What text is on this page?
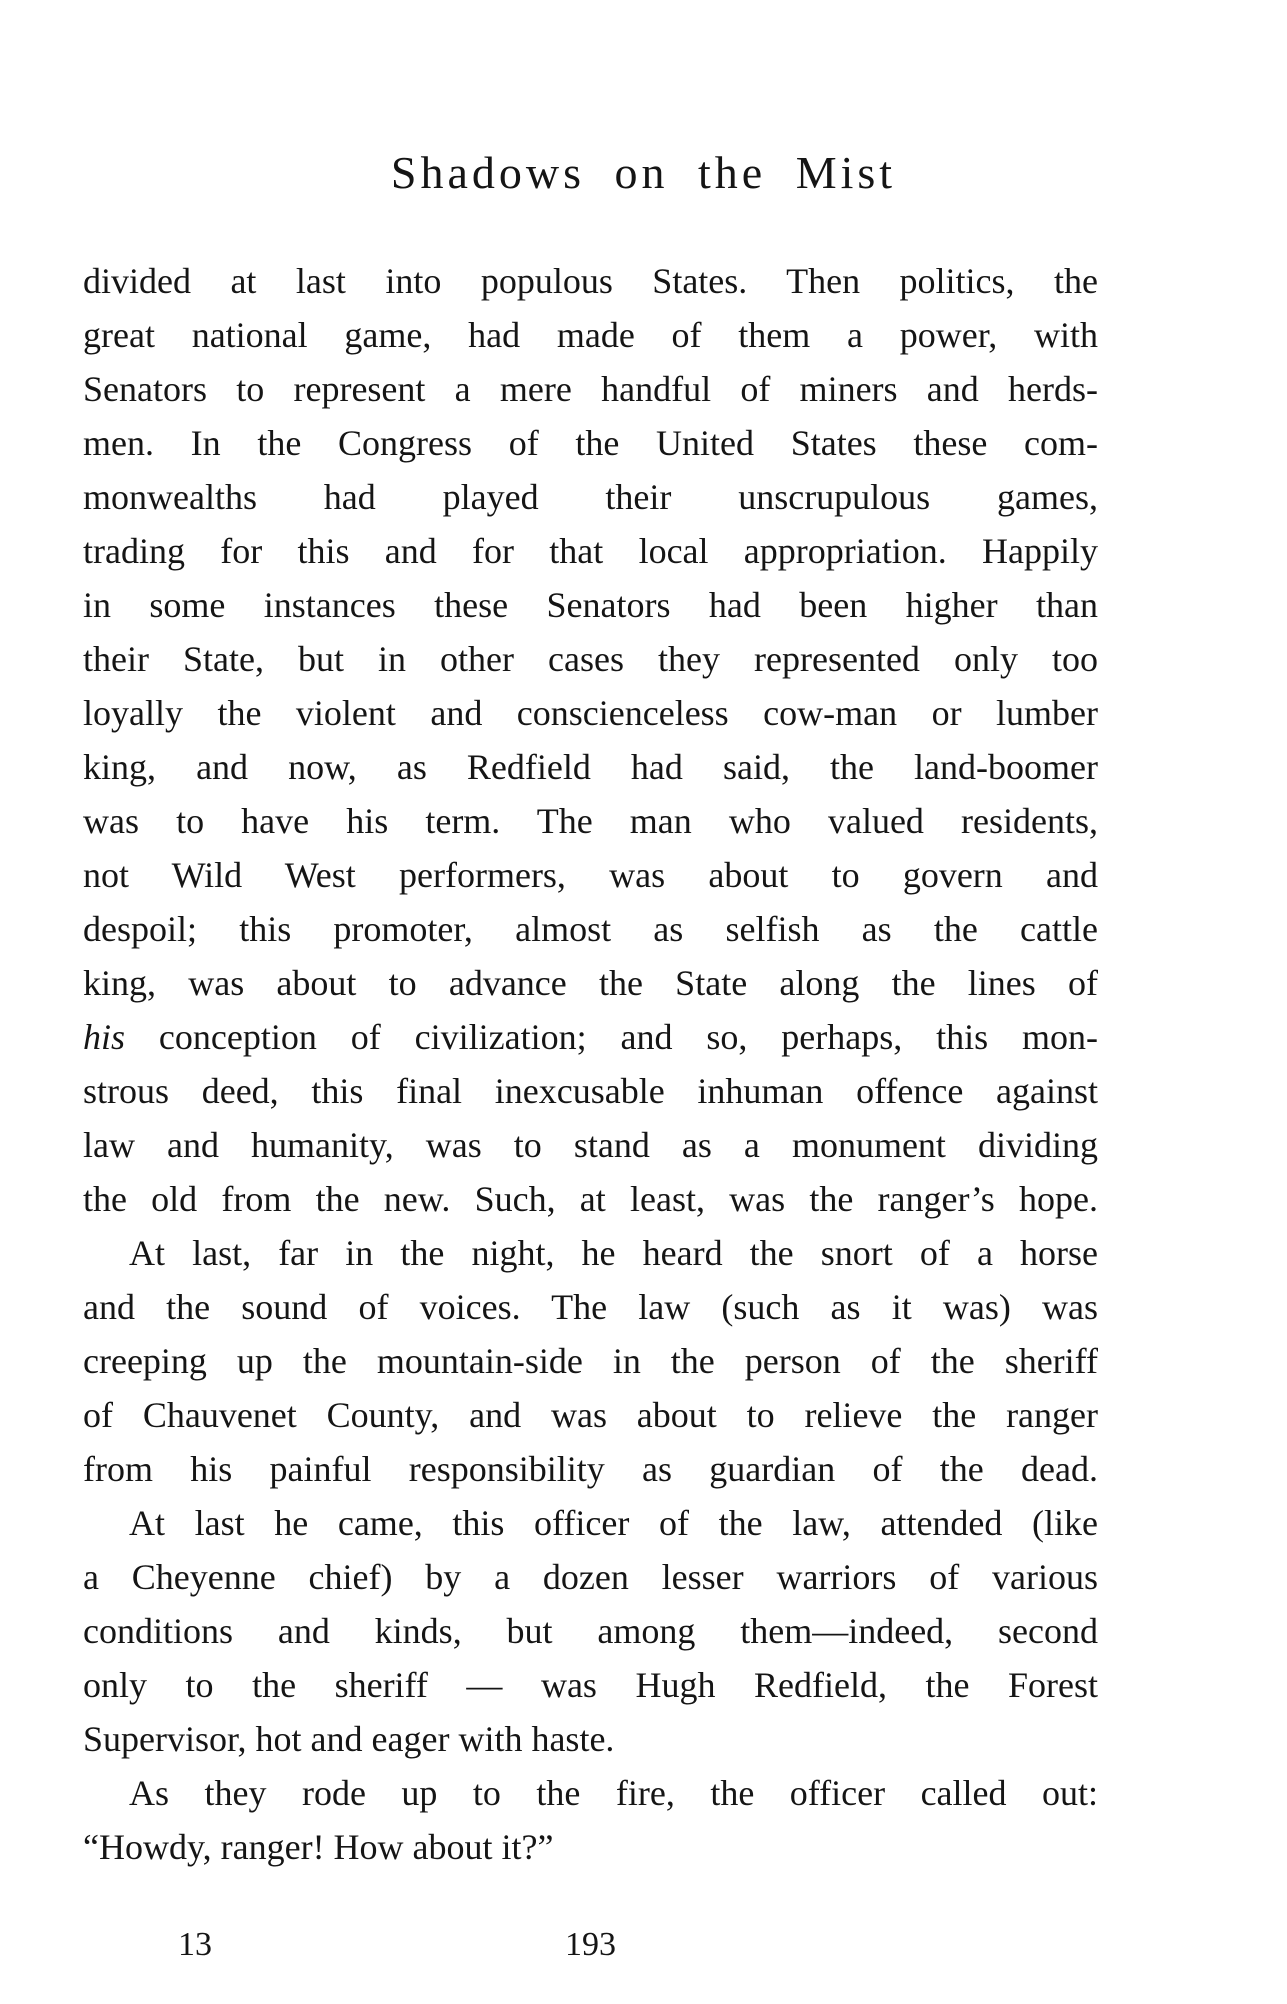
Shadows on the Mist

divided at last into populous States. Then politics, the
great national game, had made of them a power, with
Senators to represent a mere handful of miners and herds-
men. In the Congress of the United States these com-
monwealths had played their unscrupulous games,
trading for this and for that local appropriation. Happily
in some instances these Senators had been higher than
their State, but in other cases they represented only too
loyally the violent and conscienceless cow-man or lumber
king, and now, as Redfield had said, the land-boomer
was to have his term. The man who valued residents,
not Wild West performers, was about to govern and
despoil; this promoter, almost as selfish as the cattle
king, was about to advance the State along the lines of
his conception of civilization; and so, perhaps, this mon-
strous deed, this final inexcusable inhuman offence against
law and humanity, was to stand as a monument dividing
the old from the new. Such, at least, was the ranger’s hope.

At last, far in the night, he heard the snort of a horse
and the sound of voices. The law (such as it was) was
creeping up the mountain-side in the person of the sheriff
of Chauvenet County, and was about to relieve the ranger
from his painful responsibility as guardian of the dead.

At last he came, this officer of the law, attended (like
a Cheyenne chief) by a dozen lesser warriors of various
conditions and kinds, but among them—indeed, second
only to the sheriff — was Hugh Redfield, the Forest
Supervisor, hot and eager with haste.

As they rode up to the fire, the officer called out:
“Howdy, ranger! How about it?”

13	193
